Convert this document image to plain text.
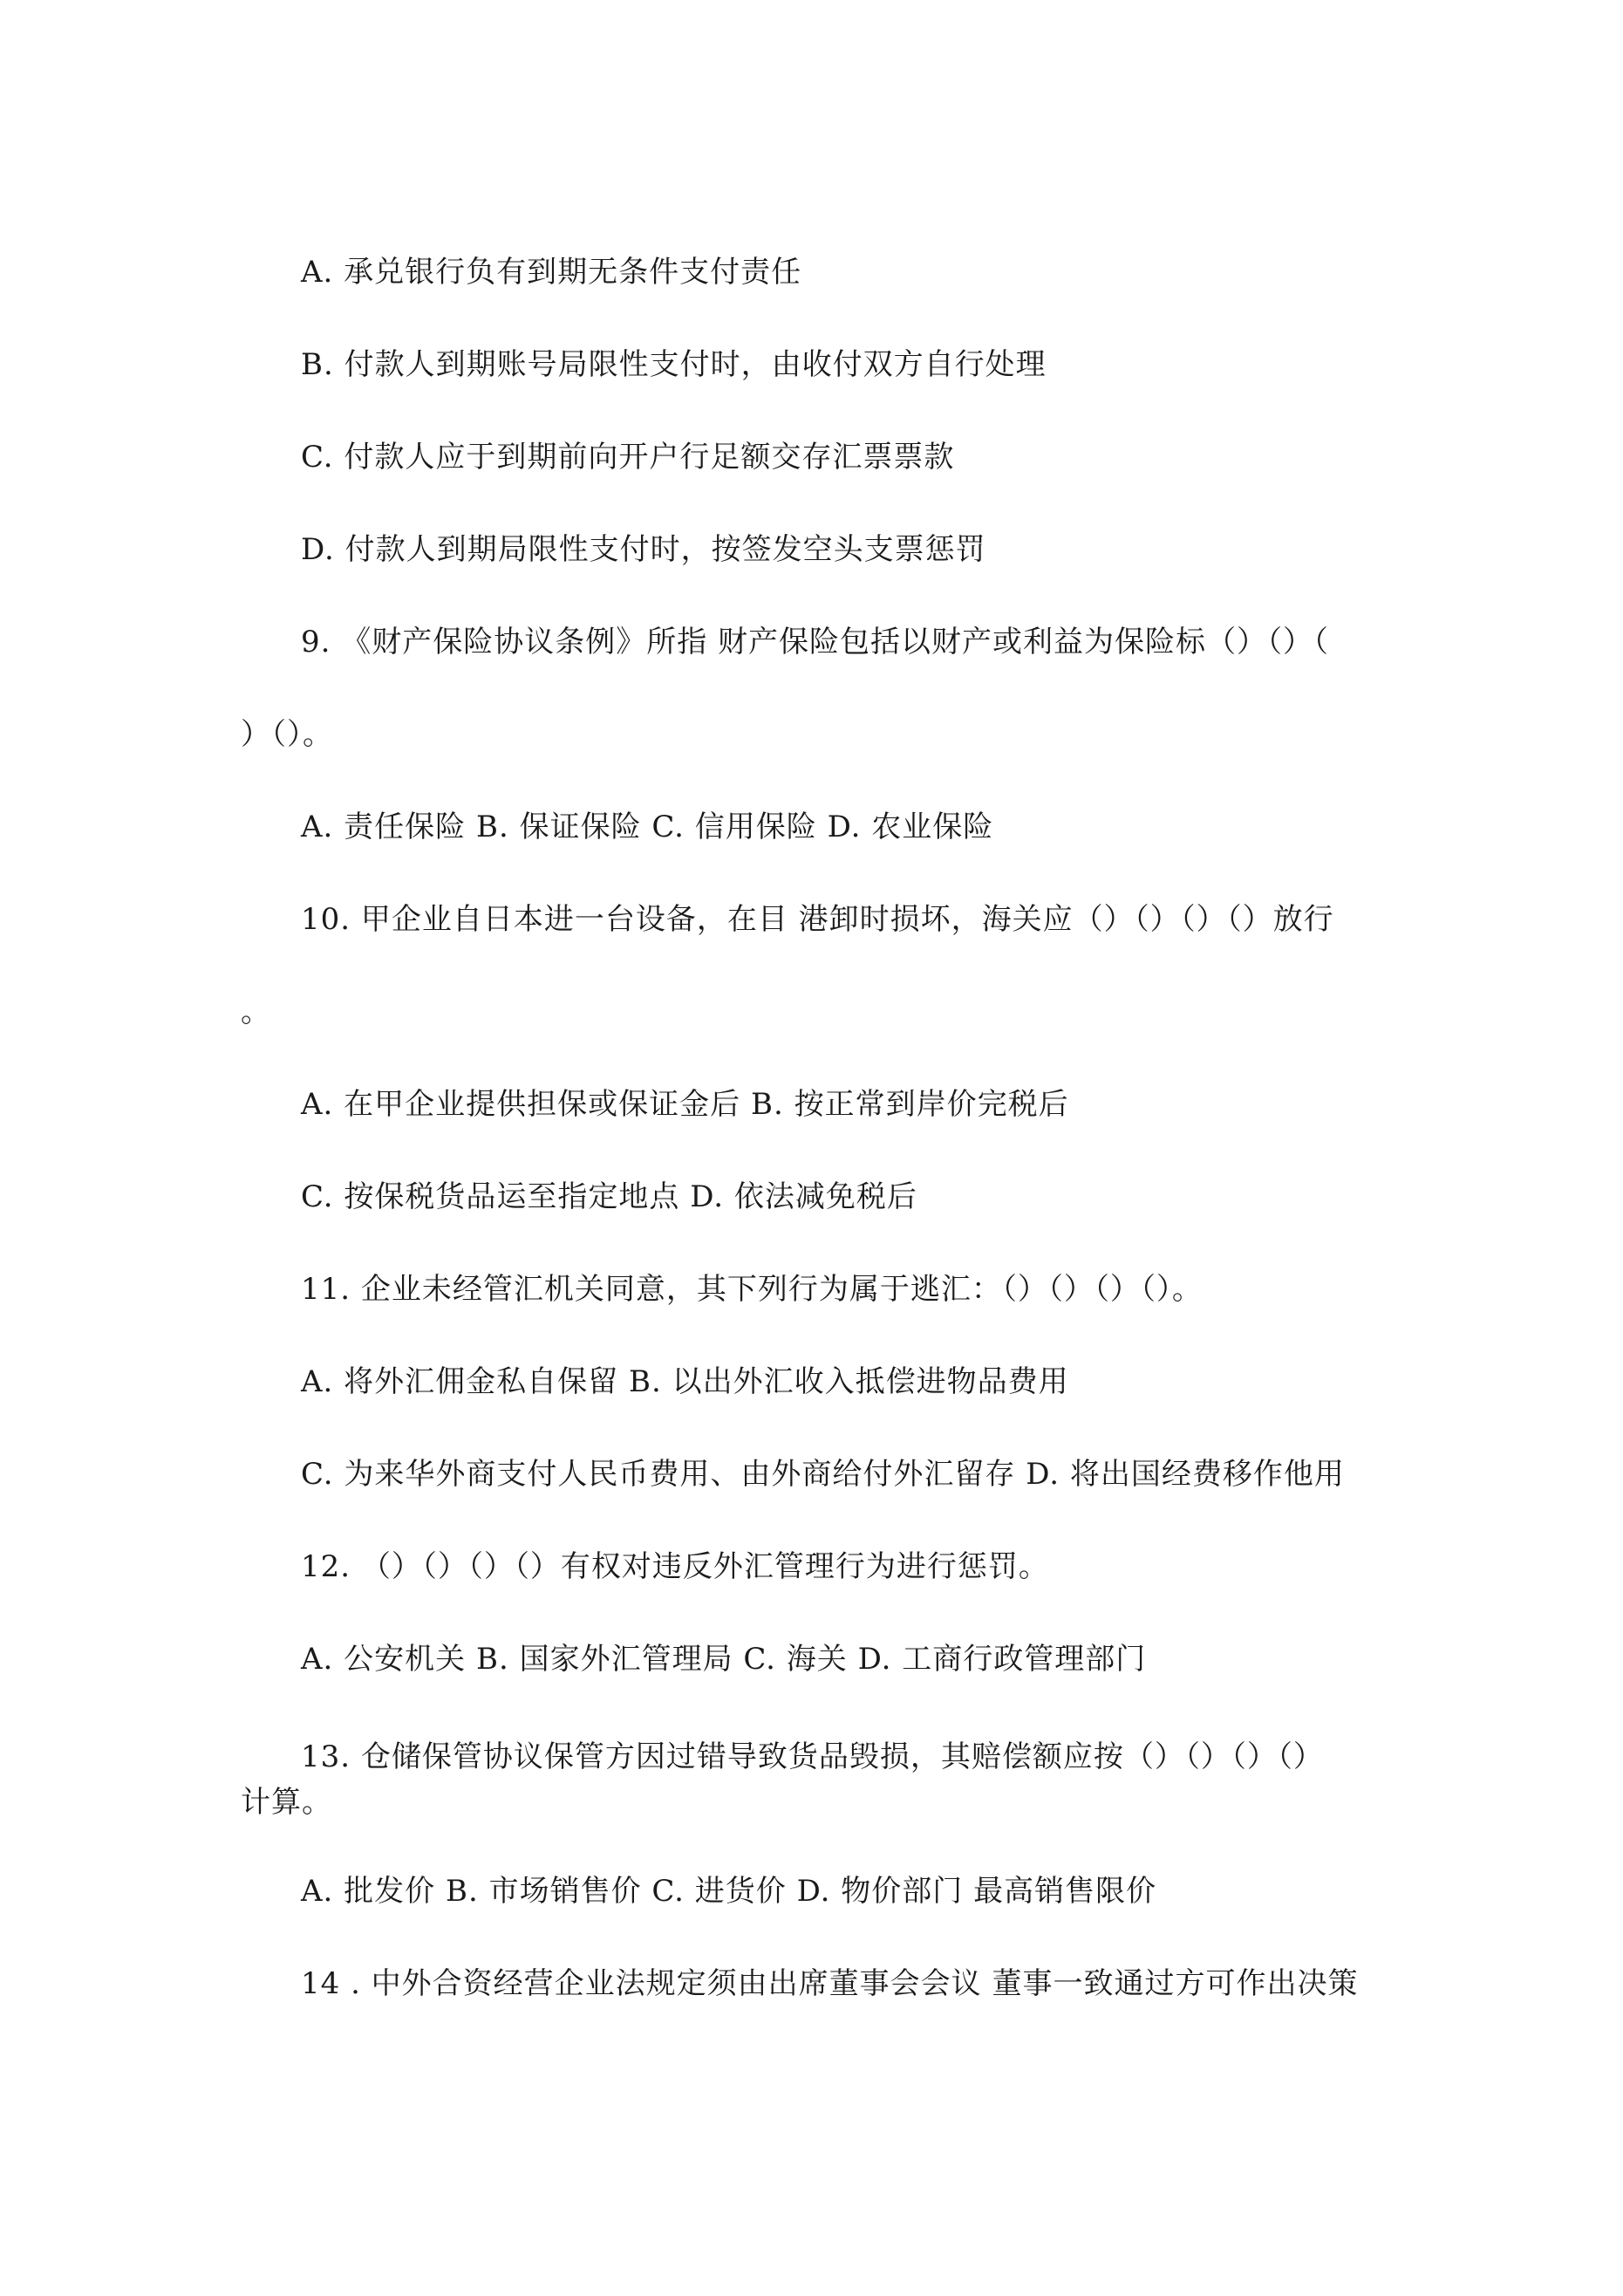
A. 承兑银行负有到期无条件支付责任
B. 付款人到期账号局限性支付时，由收付双方自行处理
C. 付款人应于到期前向开户行足额交存汇票票款
D. 付款人到期局限性支付时，按签发空头支票惩罚
9. 《财产保险协议条例》所指 财产保险包括以财产或利益为保险标（）（）（
）（）。
A. 责任保险 B. 保证保险 C. 信用保险 D. 农业保险
10. 甲企业自日本进一台设备，在目 港卸时损坏，海关应（）（）（）（）放行
。
A. 在甲企业提供担保或保证金后 B. 按正常到岸价完税后
C. 按保税货品运至指定地点 D. 依法减免税后
11. 企业未经管汇机关同意，其下列行为属于逃汇：（）（）（）（）。
A. 将外汇佣金私自保留 B. 以出外汇收入抵偿进物品费用
C. 为来华外商支付人民币费用、由外商给付外汇留存 D. 将出国经费移作他用
12. （）（）（）（）有权对违反外汇管理行为进行惩罚。
A. 公安机关 B. 国家外汇管理局 C. 海关 D. 工商行政管理部门
13. 仓储保管协议保管方因过错导致货品毁损，其赔偿额应按（）（）（）（）
计算。
A. 批发价 B. 市场销售价 C. 进货价 D. 物价部门 最高销售限价
14 . 中外合资经营企业法规定须由出席董事会会议 董事一致通过方可作出决策
